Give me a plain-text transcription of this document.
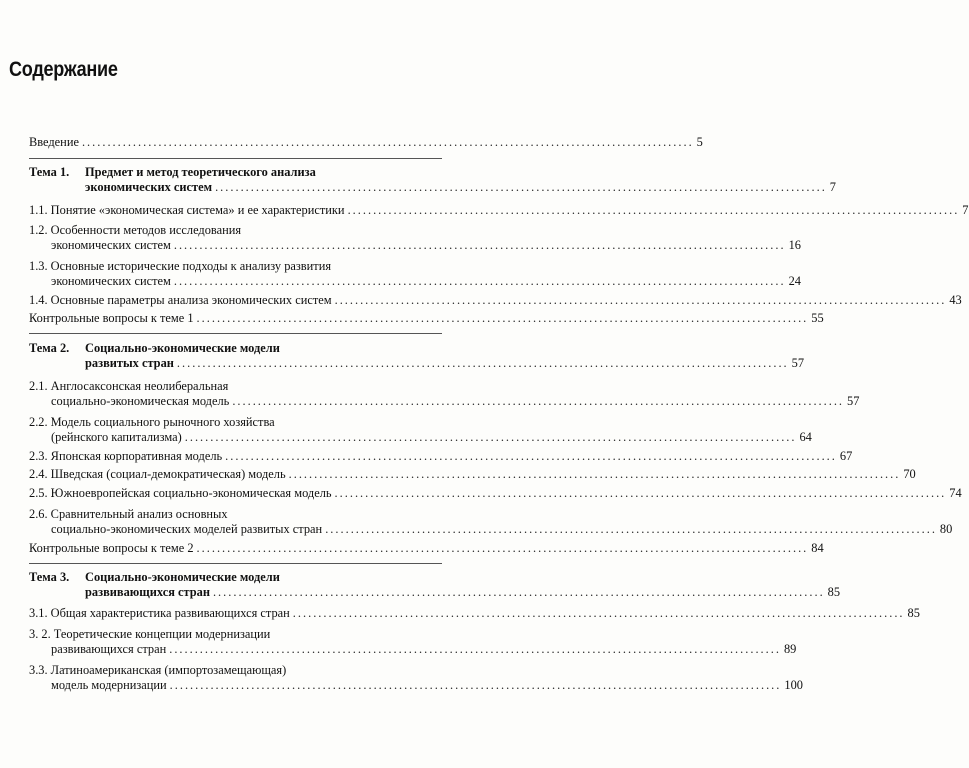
Содержание
Введение ........................................................................................................................ 5
Тема 1. Предмет и метод теоретического анализа
экономических систем ........................................................................................................................ 7
1.1. Понятие «экономическая система» и ее характеристики ........................................................................................................................ 7
1.2. Особенности методов исследования
экономических систем ........................................................................................................................ 16
1.3. Основные исторические подходы к анализу развития
экономических систем ........................................................................................................................ 24
1.4. Основные параметры анализа экономических систем ........................................................................................................................ 43
Контрольные вопросы к теме 1 ........................................................................................................................ 55
Тема 2. Социально-экономические модели
развитых стран ........................................................................................................................ 57
2.1. Англосаксонская неолиберальная
социально-экономическая модель ........................................................................................................................ 57
2.2. Модель социального рыночного хозяйства
(рейнского капитализма) ........................................................................................................................ 64
2.3. Японская корпоративная модель ........................................................................................................................ 67
2.4. Шведская (социал-демократическая) модель ........................................................................................................................ 70
2.5. Южноевропейская социально-экономическая модель ........................................................................................................................ 74
2.6. Сравнительный анализ основных
социально-экономических моделей развитых стран ........................................................................................................................ 80
Контрольные вопросы к теме 2 ........................................................................................................................ 84
Тема 3. Социально-экономические модели
развивающихся стран ........................................................................................................................ 85
3.1. Общая характеристика развивающихся стран ........................................................................................................................ 85
3. 2. Теоретические концепции модернизации
развивающихся стран ........................................................................................................................ 89
3.3. Латиноамериканская (импортозамещающая)
модель модернизации ........................................................................................................................ 100
